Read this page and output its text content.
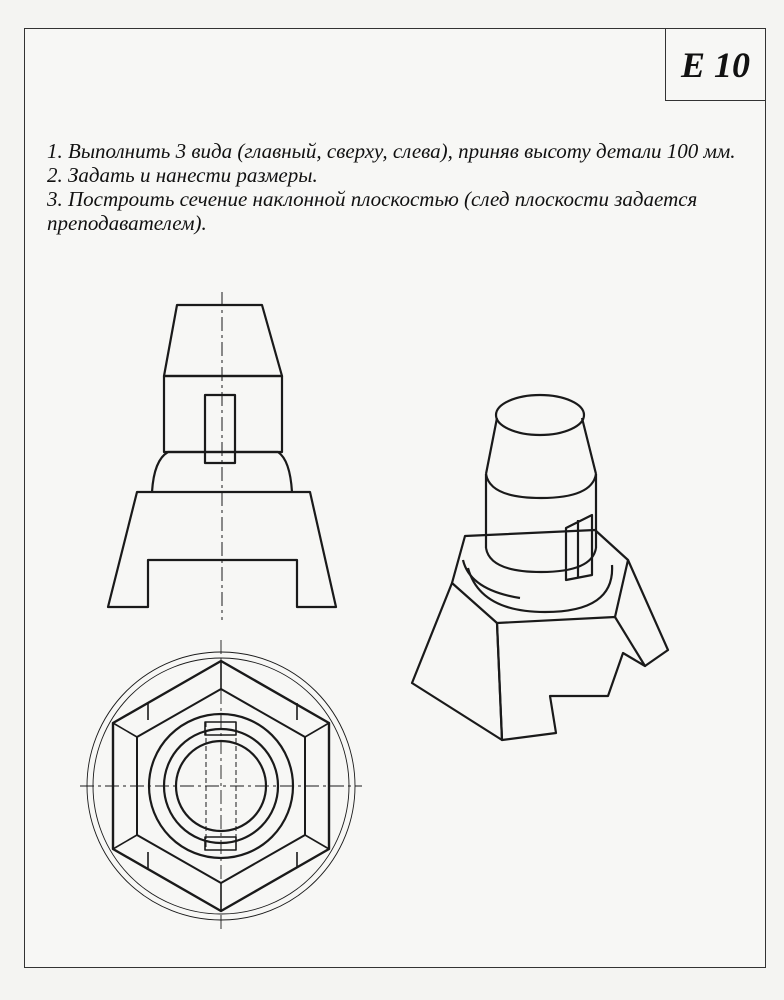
E 10
1. Выполнить 3 вида (главный, сверху, слева), приняв высоту детали 100 мм.
2. Задать и нанести размеры.
3. Построить сечение наклонной плоскостью (след плоскости задается преподавателем).
